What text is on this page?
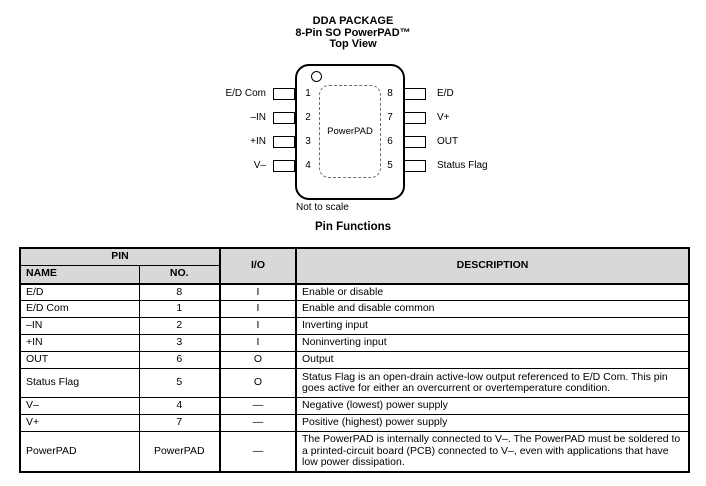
DDA PACKAGE
8-Pin SO PowerPAD™
Top View
PowerPAD
E/D Com	1
–IN	2
+IN	3
V–	4
8	E/D
7	V+
6	OUT
5	Status Flag
Not to scale
Pin Functions
PIN		I/O	DESCRIPTION
NAME	NO.		
E/D	8	I	Enable or disable
E/D Com	1	I	Enable and disable common
–IN	2	I	Inverting input
+IN	3	I	Noninverting input
OUT	6	O	Output
Status Flag	5	O	Status Flag is an open-drain active-low output referenced to E/D Com. This pin goes active for either an overcurrent or overtemperature condition.
V–	4	—	Negative (lowest) power supply
V+	7	—	Positive (highest) power supply
PowerPAD	PowerPAD	—	The PowerPAD is internally connected to V–. The PowerPAD must be soldered to a printed-circuit board (PCB) connected to V–, even with applications that have low power dissipation.
